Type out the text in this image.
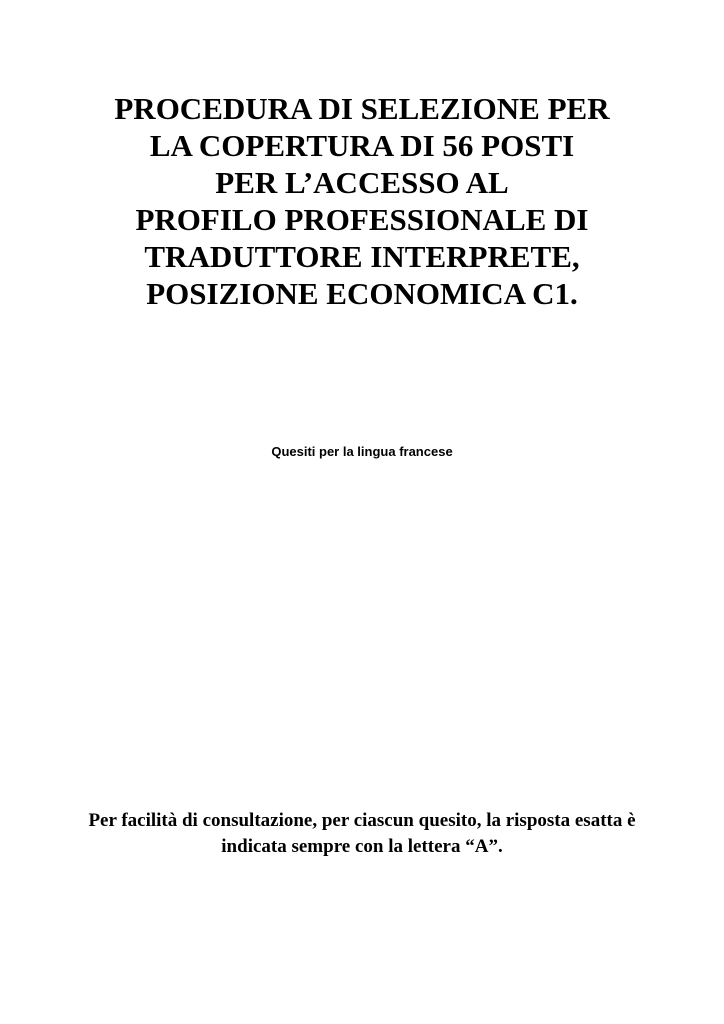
PROCEDURA DI SELEZIONE PER
LA COPERTURA DI 56 POSTI
PER L’ACCESSO AL
PROFILO PROFESSIONALE DI
TRADUTTORE INTERPRETE,
POSIZIONE ECONOMICA C1.

Quesiti per la lingua francese

Per facilità di consultazione, per ciascun quesito, la risposta esatta è
indicata sempre con la lettera “A”.
